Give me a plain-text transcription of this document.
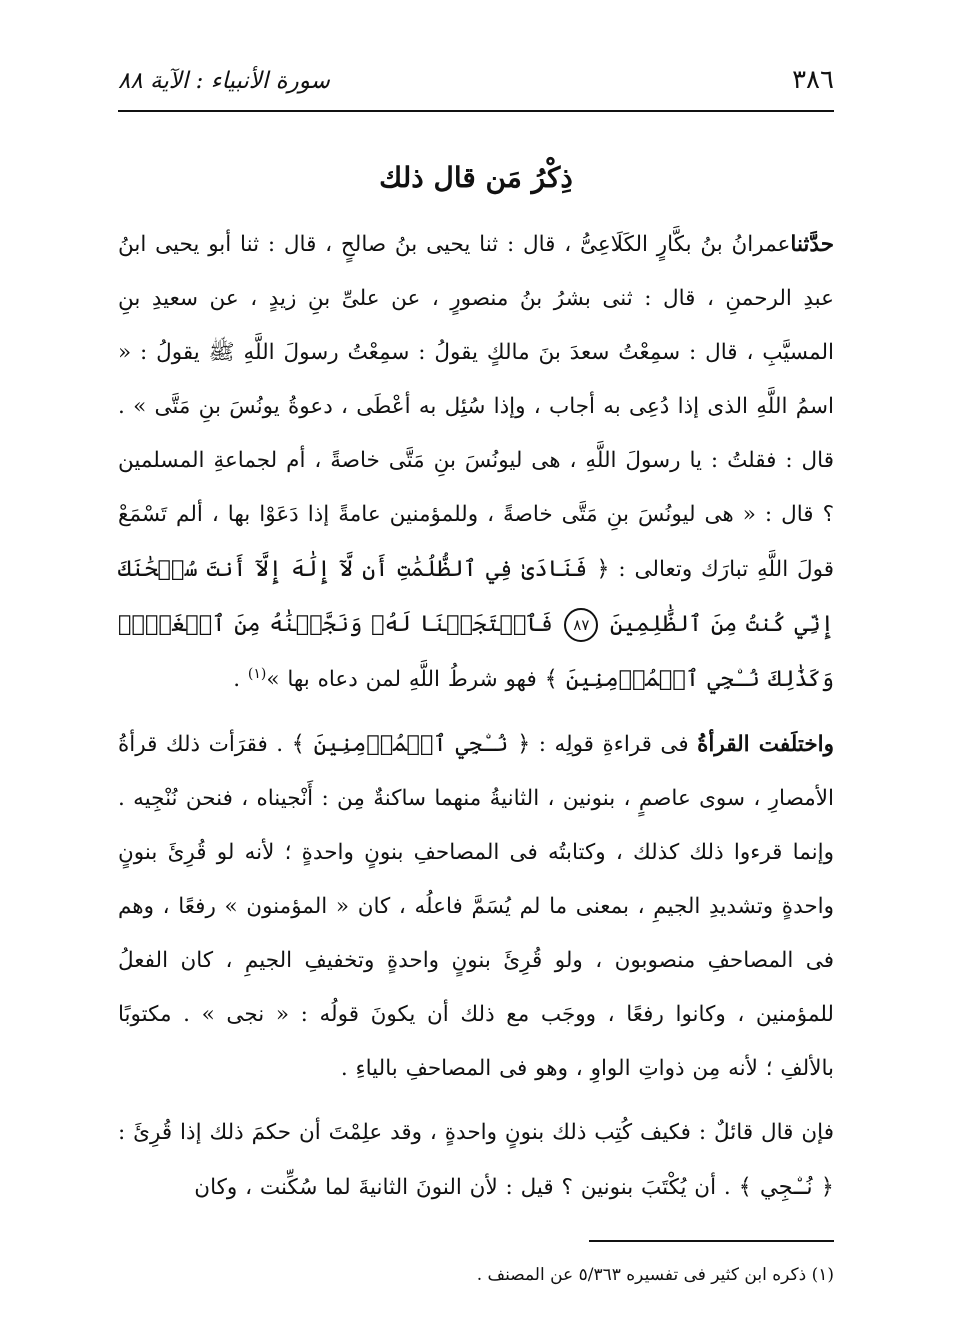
٣٨٦
سورة الأنبياء : الآية ٨٨
ذِكْرُ مَن قال ذلك

حدَّثناعمرانُ بنُ بكَّارٍ الكَلَاعِىُّ ، قال : ثنا يحيى بنُ صالحٍ ، قال : ثنا أبو يحيى ابنُ عبدِ الرحمنِ ، قال : ثنى بشرُ بنُ منصورٍ ، عن علىِّ بنِ زيدٍ ، عن سعيدِ بنِ المسيَّبِ ، قال : سمِعْتُ سعدَ بنَ مالكٍ يقولُ : سمِعْتُ رسولَ اللَّهِ ﷺ يقولُ : « اسمُ اللَّهِ الذى إذا دُعِى به أجاب ، وإذا سُئِل به أعْطَى ، دعوةُ يونُسَ بنِ مَتَّى » . قال : فقلتُ : يا رسولَ اللَّهِ ، هى ليونُسَ بنِ مَتَّى خاصةً ، أم لجماعةِ المسلمين ؟ قال : « هى ليونُسَ بنِ مَتَّى خاصةً ، وللمؤمنين عامةً إذا دَعَوْا بها ، ألم تَسْمَعْ قولَ اللَّهِ تبارَك وتعالى : ﴿ فَنَادَىٰ فِي ٱلظُّلُمَٰتِ أَن لَّآ إِلَٰهَ إِلَّآ أَنتَ سُبۡحَٰنَكَ إِنِّي كُنتُ مِنَ ٱلظَّٰلِمِينَ ٨٧ فَٱسۡتَجَبۡنَا لَهُۥ وَنَجَّيۡنَٰهُ مِنَ ٱلۡغَمِّۚ وَكَذَٰلِكَ نُـۨجِي ٱلۡمُؤۡمِنِينَ ﴾ فهو شرطُ اللَّهِ لمن دعاه بها »$^{(١)}$ .

واختلَفت القرأةُ فى قراءةِ قولِه : ﴿ نُـۨجِي ٱلۡمُؤۡمِنِينَ ﴾ . فقرَأت ذلك قرأةُ الأمصارِ ، سوى عاصمٍ ، بنونين ، الثانيةُ منهما ساكنةٌ مِن : أَنْجيناه ، فنحن نُنْجِيه . وإنما قرءوا ذلك كذلك ، وكتابتُه فى المصاحفِ بنونٍ واحدةٍ ؛ لأنه لو قُرِئَ بنونٍ واحدةٍ وتشديدِ الجيمِ ، بمعنى ما لم يُسَمَّ فاعلُه ، كان « المؤمنون » رفعًا ، وهم فى المصاحفِ منصوبون ، ولو قُرِئَ بنونٍ واحدةٍ وتخفيفِ الجيمِ ، كان الفعلُ للمؤمنين ، وكانوا رفعًا ، ووجَب مع ذلك أن يكونَ قولُه : « نجى » . مكتوبًا بالألفِ ؛ لأنه مِن ذواتِ الواوِ ، وهو فى المصاحفِ بالياءِ .

فإن قال قائلٌ : فكيف كُتِب ذلك بنونٍ واحدةٍ ، وقد علِمْتَ أن حكمَ ذلك إذا قُرِئَ : ﴿ نُـۨجِي ﴾ . أن يُكْتَبَ بنونين ؟ قيل : لأن النونَ الثانيةَ لما سُكِّنت ، وكان

(١) ذكره ابن كثير فى تفسيره ٥/٣٦٣ عن المصنف .
